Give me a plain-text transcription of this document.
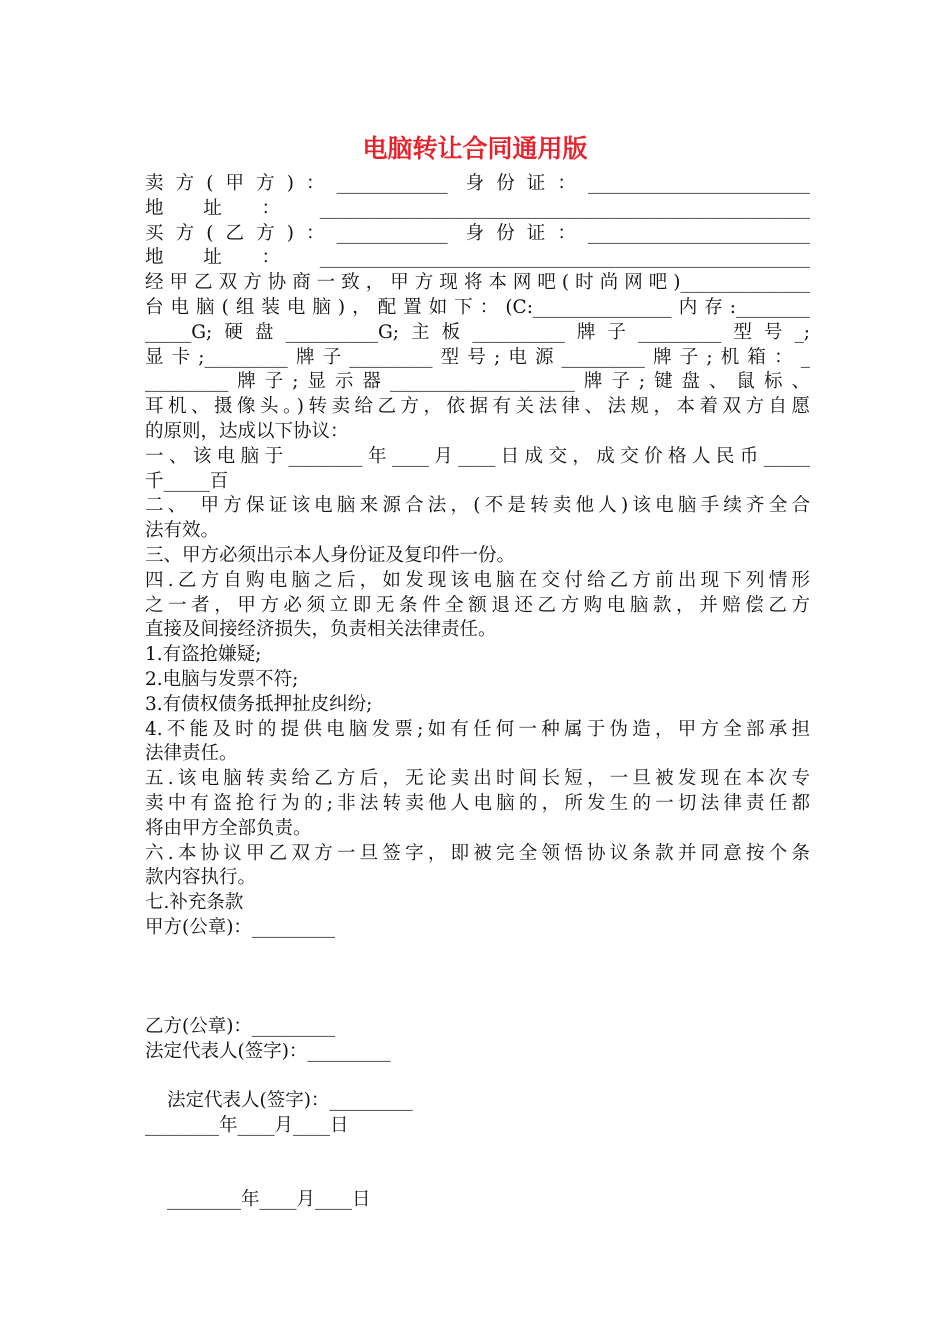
电脑转让合同通用版
卖方(甲方)：____________ 身份证：________________________
地址：_____________________________________________________
买方(乙方)：____________ 身份证：________________________
地址：_____________________________________________________
经甲乙双方协商一致，甲方现将本网吧(时尚网吧)______________
台电脑(组装电脑)，配置如下：(C:_______________内存:________
_____G;硬盘__________G;主板__________牌子_________型号_;
显卡;_________牌子_________型号;电源_________牌子;机箱：_
_________牌子;显示器____________________牌子;键盘、鼠标、
耳机、摄像头。)转卖给乙方，依据有关法律、法规，本着双方自愿
的原则，达成以下协议：
一、该电脑于________年____月____日成交，成交价格人民币_____
千_____百
二、 甲方保证该电脑来源合法，(不是转卖他人)该电脑手续齐全合
法有效。
三、甲方必须出示本人身份证及复印件一份。
四.乙方自购电脑之后，如发现该电脑在交付给乙方前出现下列情形
之一者，甲方必须立即无条件全额退还乙方购电脑款，并赔偿乙方
直接及间接经济损失，负责相关法律责任。
1.有盗抢嫌疑;
2.电脑与发票不符;
3.有债权债务抵押扯皮纠纷;
4.不能及时的提供电脑发票;如有任何一种属于伪造，甲方全部承担
法律责任。
五.该电脑转卖给乙方后，无论卖出时间长短，一旦被发现在本次专
卖中有盗抢行为的;非法转卖他人电脑的，所发生的一切法律责任都
将由甲方全部负责。
六.本协议甲乙双方一旦签字，即被完全领悟协议条款并同意按个条
款内容执行。
七.补充条款
甲方(公章)：_________
乙方(公章)：_________
法定代表人(签字)：_________
法定代表人(签字)：_________
________年____月____日
________年____月____日
